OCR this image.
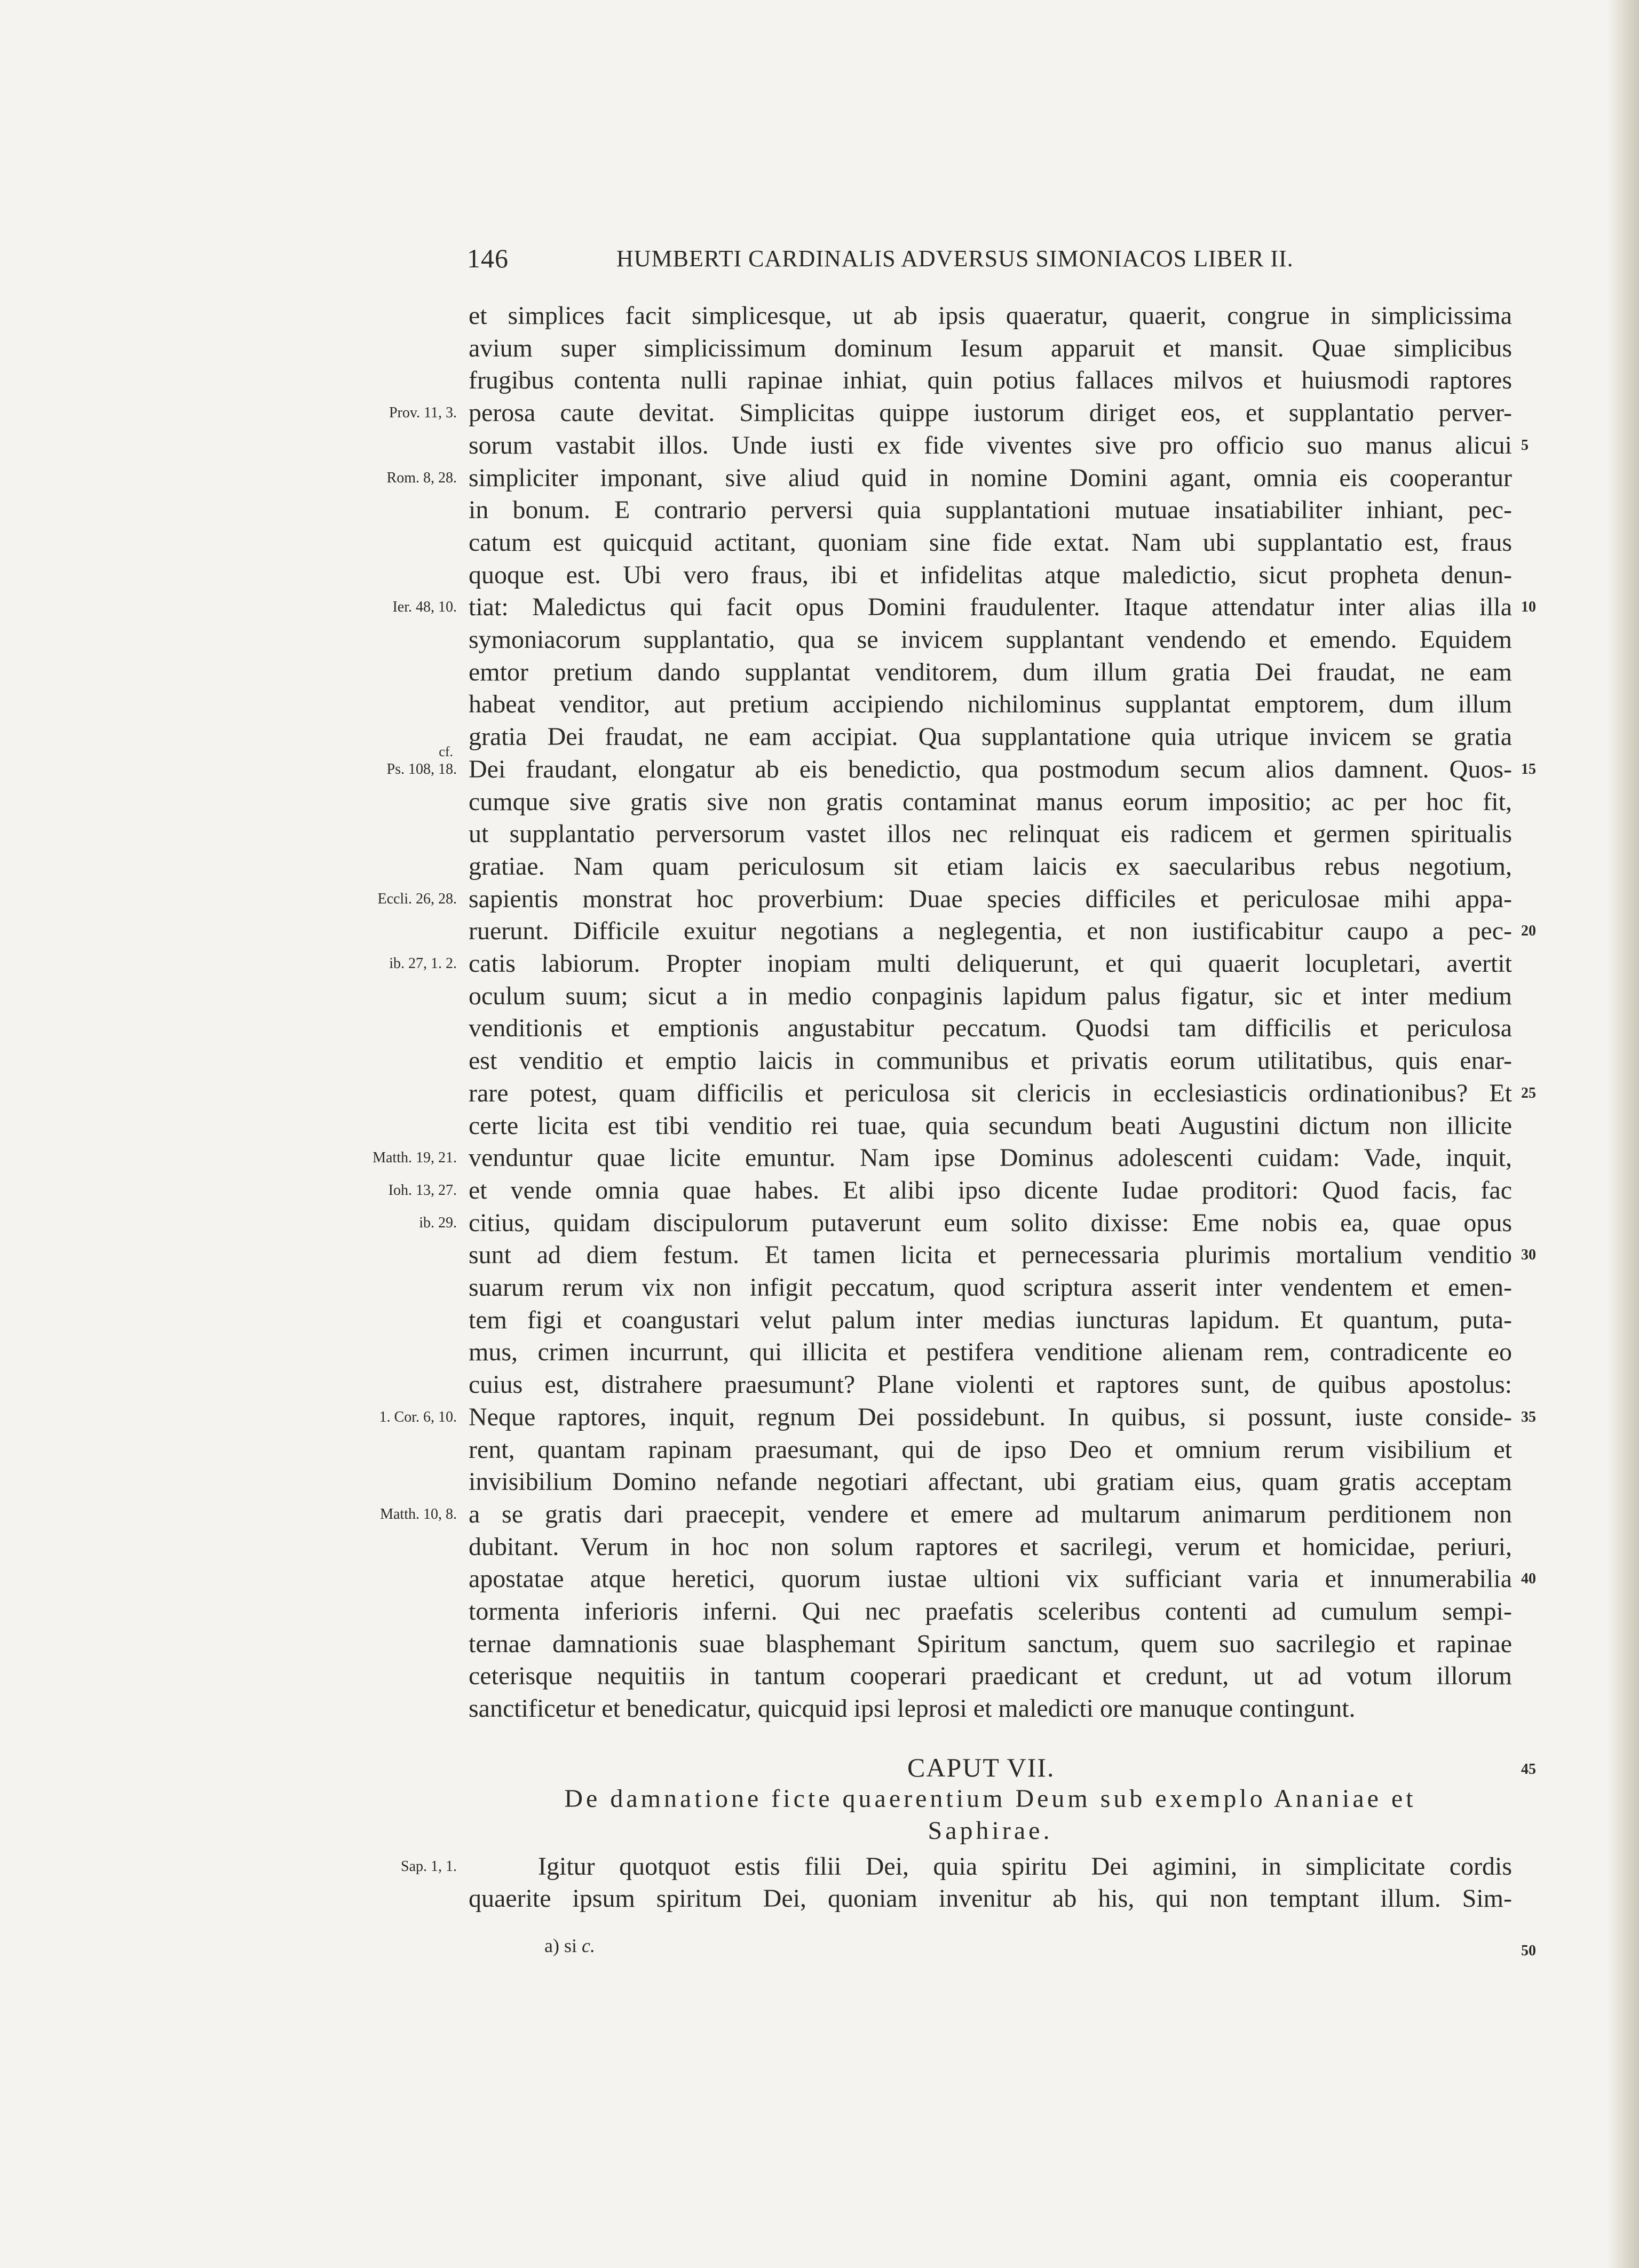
146	HUMBERTI CARDINALIS ADVERSUS SIMONIACOS LIBER II.
et simplices facit simplicesque, ut ab ipsis quaeratur, quaerit, congrue in simplicissima
avium super simplicissimum dominum Iesum apparuit et mansit. Quae simplicibus
frugibus contenta nulli rapinae inhiat, quin potius fallaces milvos et huiusmodi raptores
Prov. 11, 3. perosa caute devitat. Simplicitas quippe iustorum diriget eos, et supplantatio perver-
sorum vastabit illos. Unde iusti ex fide viventes sive pro officio suo manus alicui 5
Rom. 8, 28. simpliciter imponant, sive aliud quid in nomine Domini agant, omnia eis cooperantur
in bonum. E contrario perversi quia supplantationi mutuae insatiabiliter inhiant, pec-
catum est quicquid actitant, quoniam sine fide extat. Nam ubi supplantatio est, fraus
quoque est. Ubi vero fraus, ibi et infidelitas atque maledictio, sicut propheta denun-
Ier. 48, 10. tiat: Maledictus qui facit opus Domini fraudulenter. Itaque attendatur inter alias illa 10
symoniacorum supplantatio, qua se invicem supplantant vendendo et emendo. Equidem
emtor pretium dando supplantat venditorem, dum illum gratia Dei fraudat, ne eam
habeat venditor, aut pretium accipiendo nichilominus supplantat emptorem, dum illum
gratia Dei fraudat, ne eam accipiat. Qua supplantatione quia utrique invicem se gratia
Ps. 108, 18.
cf.
Dei fraudant, elongatur ab eis benedictio, qua postmodum secum alios damnent. Quos- 15
cumque sive gratis sive non gratis contaminat manus eorum impositio; ac per hoc fit,
ut supplantatio perversorum vastet illos nec relinquat eis radicem et germen spiritualis
gratiae. Nam quam periculosum sit etiam laicis ex saecularibus rebus negotium,
Eccli. 26, 28. sapientis monstrat hoc proverbium: Duae species difficiles et periculosae mihi appa-
ruerunt. Difficile exuitur negotians a neglegentia, et non iustificabitur caupo a pec- 20
ib. 27, 1. 2. catis labiorum. Propter inopiam multi deliquerunt, et qui quaerit locupletari, avertit
oculum suum; sicut a in medio conpaginis lapidum palus figatur, sic et inter medium
venditionis et emptionis angustabitur peccatum. Quodsi tam difficilis et periculosa
est venditio et emptio laicis in communibus et privatis eorum utilitatibus, quis enar-
rare potest, quam difficilis et periculosa sit clericis in ecclesiasticis ordinationibus? Et 25
certe licita est tibi venditio rei tuae, quia secundum beati Augustini dictum non illicite
Matth. 19, 21. venduntur quae licite emuntur. Nam ipse Dominus adolescenti cuidam: Vade, inquit,
Ioh. 13, 27. et vende omnia quae habes. Et alibi ipso dicente Iudae proditori: Quod facis, fac
ib. 29. citius, quidam discipulorum putaverunt eum solito dixisse: Eme nobis ea, quae opus
sunt ad diem festum. Et tamen licita et pernecessaria plurimis mortalium venditio 30
suarum rerum vix non infigit peccatum, quod scriptura asserit inter vendentem et emen-
tem figi et coangustari velut palum inter medias iuncturas lapidum. Et quantum, puta-
mus, crimen incurrunt, qui illicita et pestifera venditione alienam rem, contradicente eo
cuius est, distrahere praesumunt? Plane violenti et raptores sunt, de quibus apostolus:
1. Cor. 6, 10. Neque raptores, inquit, regnum Dei possidebunt. In quibus, si possunt, iuste conside- 35
rent, quantam rapinam praesumant, qui de ipso Deo et omnium rerum visibilium et
invisibilium Domino nefande negotiari affectant, ubi gratiam eius, quam gratis acceptam
Matth. 10, 8. a se gratis dari praecepit, vendere et emere ad multarum animarum perditionem non
dubitant. Verum in hoc non solum raptores et sacrilegi, verum et homicidae, periuri,
apostatae atque heretici, quorum iustae ultioni vix sufficiant varia et innumerabilia 40
tormenta inferioris inferni. Qui nec praefatis sceleribus contenti ad cumulum sempi-
ternae damnationis suae blasphemant Spiritum sanctum, quem suo sacrilegio et rapinae
ceterisque nequitiis in tantum cooperari praedicant et credunt, ut ad votum illorum
sanctificetur et benedicatur, quicquid ipsi leprosi et maledicti ore manuque contingunt.
CAPUT VII.	45
De damnatione ficte quaerentium Deum sub exemplo Ananiae et
Saphirae.
Sap. 1, 1.	Igitur quotquot estis filii Dei, quia spiritu Dei agimini, in simplicitate cordis
quaerite ipsum spiritum Dei, quoniam invenitur ab his, qui non temptant illum. Sim-
a) si c.	50
